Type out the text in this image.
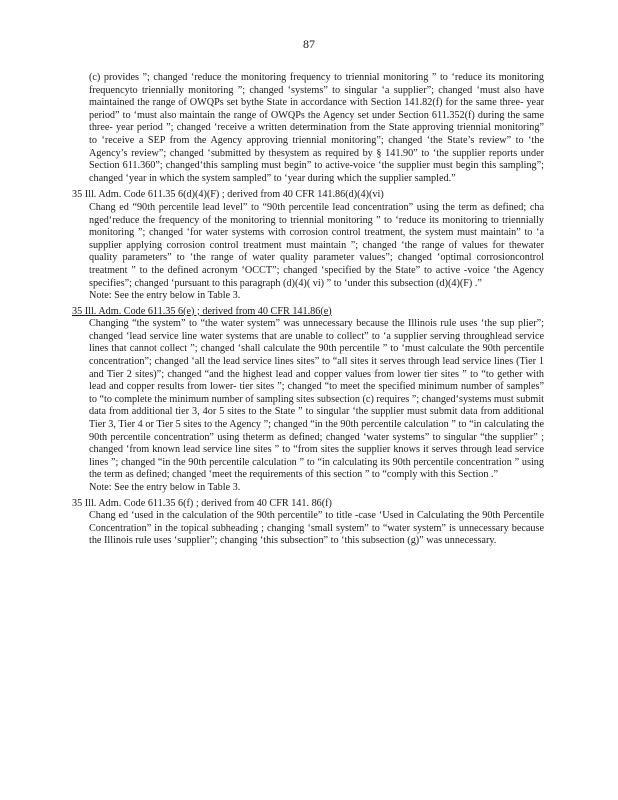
87
(c) provides ”; changed ‘reduce the monitoring frequency to triennial monitoring ” to ‘reduce its monitoring frequencyto triennially monitoring ”; changed ‘systems” to singular ‘a supplier”; changed ‘must also have maintained the range of OWQPs set bythe State in accordance with Section 141.82(f) for the same three- year period” to ‘must also maintain the range of OWQPs the Agency set under Section 611.352(f) during the same three- year period ”; changed ‘receive a written determination from the State approving triennial monitoring” to ‘receive a SEP from the Agency approving triennial monitoring”; changed ‘the State’s review” to ‘the Agency’s review”; changed ‘submitted by thesystem as required by § 141.90” to ‘the supplier reports under Section 611.360”; changed‘this sampling must begin” to active-voice ‘the supplier must begin this sampling”; changed ‘year in which the system sampled” to ‘year during which the supplier sampled.”
35 Ill. Adm. Code 611.35 6(d)(4)(F) ; derived from 40 CFR 141.86(d)(4)(vi)
Chang ed “90th percentile lead level” to “90th percentile lead concentration” using the term as defined; cha nged‘reduce the frequency of the monitoring to triennial monitoring ” to ‘reduce its monitoring to triennially monitoring ”; changed ‘for water systems with corrosion control treatment, the system must maintain” to ‘a supplier applying corrosion control treatment must maintain ”; changed ‘the range of values for thewater quality parameters” to ‘the range of water quality parameter values”; changed ‘optimal corrosioncontrol treatment ” to the defined acronym ‘OCCT”; changed ‘specified by the State” to active -voice ‘the Agency specifies”; changed ‘pursuant to this paragraph (d)(4)( vi) ” to ‘under this subsection (d)(4)(F) .”
Note: See the entry below in Table 3.
35 Ill. Adm. Code 611.35 6(e) ; derived from 40 CFR 141.86(e)
Changing “the system” to “the water system” was unnecessary because the Illinois rule uses ‘the sup plier”; changed ‘lead service line water systems that are unable to collect” to ‘a supplier serving throughlead service lines that cannot collect ”; changed ‘shall calculate the 90th percentile ” to ‘must calculate the 90th percentile concentration”; changed ‘all the lead service lines sites” to “all sites it serves through lead service lines (Tier 1 and Tier 2 sites)”; changed “and the highest lead and copper values from lower tier sites ” to “to gether with lead and copper results from lower- tier sites ”; changed “to meet the specified minimum number of samples” to “to complete the minimum number of sampling sites subsection (c) requires ”; changed‘systems must submit data from additional tier 3, 4or 5 sites to the State ” to singular ‘the supplier must submit data from additional Tier 3, Tier 4 or Tier 5 sites to the Agency ”; changed “in the 90th percentile calculation ” to “in calculating the 90th percentile concentration” using theterm as defined; changed ‘water systems” to singular “the supplier” ; changed ‘from known lead service line sites ” to “from sites the supplier knows it serves through lead service lines ”; changed “in the 90th percentile calculation ” to “in calculating its 90th percentile concentration ” using the term as defined; changed ‘meet the requirements of this section ” to “comply with this Section .”
Note: See the entry below in Table 3.
35 Ill. Adm. Code 611.35 6(f) ; derived from 40 CFR 141. 86(f)
Chang ed ‘used in the calculation of the 90th percentile” to title -case ‘Used in Calculating the 90th Percentile Concentration” in the topical subheading ; changing ‘small system” to “water system” is unnecessary because the Illinois rule uses ‘supplier”; changing ‘this subsection” to ‘this subsection (g)” was unnecessary.
